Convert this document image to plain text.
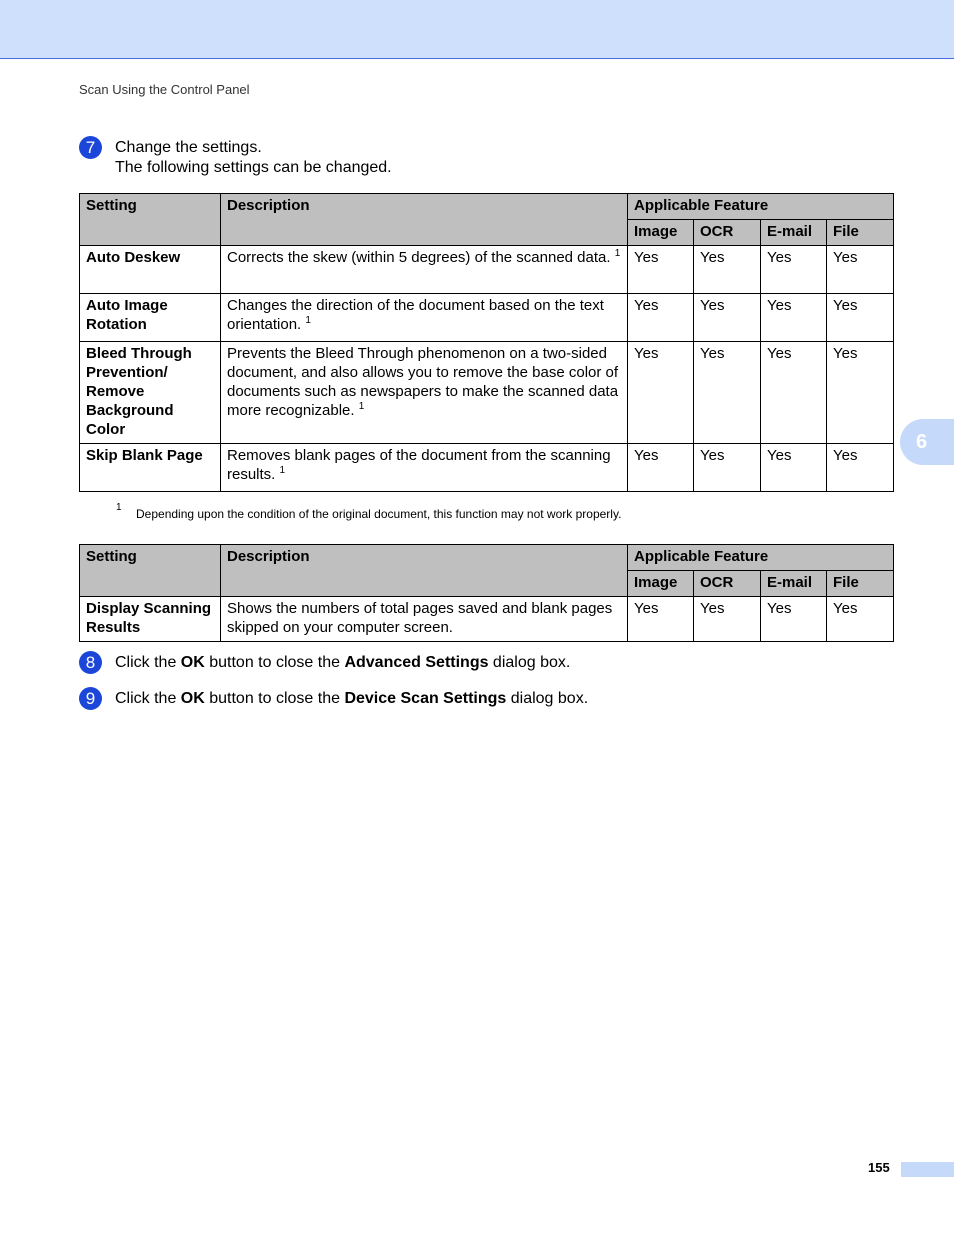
Scan Using the Control Panel
6
7	Change the settings.
The following settings can be changed.
Setting	Description	Applicable Feature			
		Image	OCR	E-mail	File
Auto Deskew	Corrects the skew (within 5 degrees) of the scanned data. $^1$	Yes	Yes	Yes	Yes
Auto Image Rotation	Changes the direction of the document based on the text orientation. $^1$	Yes	Yes	Yes	Yes
Bleed Through Prevention/ Remove Background Color	Prevents the Bleed Through phenomenon on a two-sided document, and also allows you to remove the base color of documents such as newspapers to make the scanned data more recognizable. $^1$	Yes	Yes	Yes	Yes
Skip Blank Page	Removes blank pages of the document from the scanning results. $^1$	Yes	Yes	Yes	Yes
1 Depending upon the condition of the original document, this function may not work properly.
Setting	Description	Applicable Feature			
		Image	OCR	E-mail	File
Display Scanning Results	Shows the numbers of total pages saved and blank pages skipped on your computer screen.	Yes	Yes	Yes	Yes
8	Click the OK button to close the Advanced Settings dialog box.
9	Click the OK button to close the Device Scan Settings dialog box.
155
